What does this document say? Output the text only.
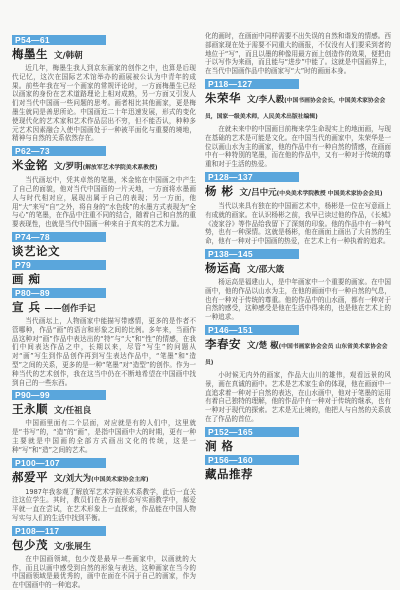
P54—61
梅墨生 文/韩朝

近几年，梅墨生我人到京东画家的创作之中，也算是后现代记忆，这次在国际艺术馆举办的画展被公认为中青年的成果。前些年我在写一个画家的常规评论时，一方面梅墨生已经以画家的身份在艺术道路理论上相对成熟，另一方面又引发人们对当代中国画一些问题的思考。画者相比其他画家，更是梅墨生就同是善思所论。中国画近二十年迅速发展，形式的变化使现代化的艺术家和艺术作品层出不穷，但不能否认，种种多元艺术因素融合入使中国画处于一种被平面化与重要的境地，精神与自然的关系依然存在。

P62—73
米金铭 文/罗明(解放军艺术学院美术系教授)

当代画坛中，凭其卓然的笔墨，米金铭在中国画之中产生了自己的面貌，他对当代中国画的一片天地，一方面将水墨画人与时代相对应，展现出属于自己的表现；另一方面，他用“大”来写“自”之外，将自身的“水色线”的水墨方式表现为“全与心”的笔墨，在作品中注重不同的结合，随着自己和自然的重要表现性，也就是当代中国画一种来自于真实的艺术力量。

P74—78
谈艺论文
P79
画 痴
P80—89
宣 兵 ——创作手记

当代画坛上，人物画家中能描写带感情，更多的是作者不管哪种，作品“画”的语言和形象之间的比例。多年来，当画作品这种对“画”作品中表达出的“特”与“大”和“性”的情感，在我们中间表达作品之中，长期以来，尽管“写生”的问题从对“画”写生到作品创作再到写生表达作品中，“笔墨”和“造型”之间的关系，更多的是一种“笔墨”对“造型”的创作。作为一种当代的艺术创作，我在这当中仍在不断地希望在中国画中找到自己的一些东西。

P90—99
王永顺 文/任祖良

中国画里面有二个层面，对应就是有的人们中，这里就是“书写”的，“造”的“画”，是指中国画中大的时期，更有一种主要就是中国画的全部方式画出文化的传统，这是一种“写”和“造”之间的艺术。

P100—107
郝爱平 文/刘大为(中国美术家协会主席)

1987年我参观了解放军艺术学院美术系教学，此后一直关注这位学生。其时，教员们在各方面形态写实画教学中，郝爱平就一直在尝试，在艺术形象上一直探索，作品能在中国人物写实与人们的生活中找到平衡。

P108—117
包少茂 文/张展生

在中国画领域，包少茂是最早一些画家中，以画就的大作，而且以画中感受到自然的形象与表达，这种画家在当今的中国画领域是最优秀的，画中在面在不同于自己的画家，作为在中国画中的一种追求。

化的画时，在画面中同样需要不出失误的自然和谐发的情感。西部画家现在处于需要不同重大的画报，不仅没有人们要采到者的地位于“写”，而且以墨的种像用最方面上创造作的效果，便把由于以写作为来画，而且能与“进步”中能了。这就是中国画界上，在当代中国画作品中的画家写“大”时的画面本身。

P118—127
朱荣华 文/李人毅(中国书画协会会长，中国美术家协会会员，国家一级美术师，人民美术出版社编辑)

在就未来中的中国画目前梅来学生命现实上的地面画，与现在基础的艺术是可能是文化。在中国当代的画家中，朱荣华是一位以画山水为主的画家，他的作品中有一种自然的情感，在画面中有一种特别的笔墨，而在他的作品中，又有一种对于传统的尊重和对于生活的热爱。

P128—137
杨 彬 文/吕中元(中央美术学院教授 中国美术家协会会员)

当代以来具有独在的中国画艺术中，杨彬是一位在写意画上有成就的画家。在认识杨彬之前，我早已读过他的作品，《长城》《凌家谷》等作品给我留下了深刻的印象。他的作品中有一种气势，也有一种深情。这就是杨彬，他在画面上画出了大自然的生命，他有一种对于中国画的热爱，在艺术上有一种执着的追求。

P138—145
杨运高 文/邵大箴

杨运高是福建山人，是中年画家中一个重要的画家。在中国画中，他的作品以山水为主，在他的画面中有一种自然的气息，也有一种对于传统的尊重。他的作品中的山水画，都有一种对于自然的感受，这种感受是他在生活中得来的，也是他在艺术上的一种追求。

P146—151
李春安 文/楚 椒(中国书画家协会会员 山东省美术家协会会员)

小时候无内外的画家，作品大山川的雄伟，观看远景的风景，画在真诚的画中。艺术是艺术家生命的体现，他在画面中一直追求着一种对于自然的表达，在山水画中，他对于笔墨的运用有着自己独特的理解，他的作品中有一种对于传统的继承，也有一种对于现代的探索。艺术是无止境的，他把人与自然的关系放在了作品的首位。

P152—165
涧 格
P156—160
藏品推荐
